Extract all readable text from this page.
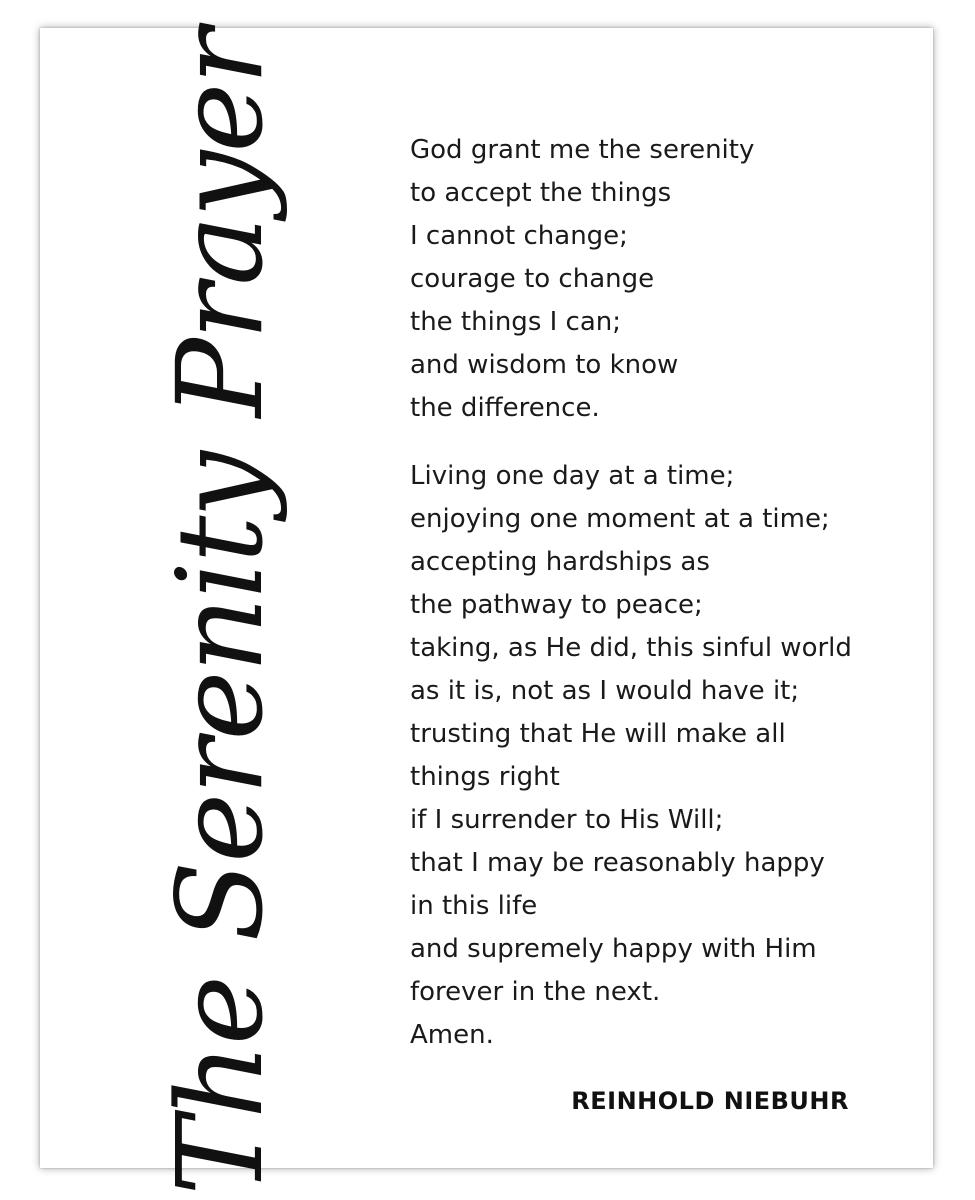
The Serenity Prayer	God grant me the serenity
to accept the things
I cannot change;
courage to change
the things I can;
and wisdom to know
the difference.

Living one day at a time;
enjoying one moment at a time;
accepting hardships as
the pathway to peace;
taking, as He did, this sinful world
as it is, not as I would have it;
trusting that He will make all
things right
if I surrender to His Will;
that I may be reasonably happy
in this life
and supremely happy with Him
forever in the next.
Amen.

REINHOLD NIEBUHR
